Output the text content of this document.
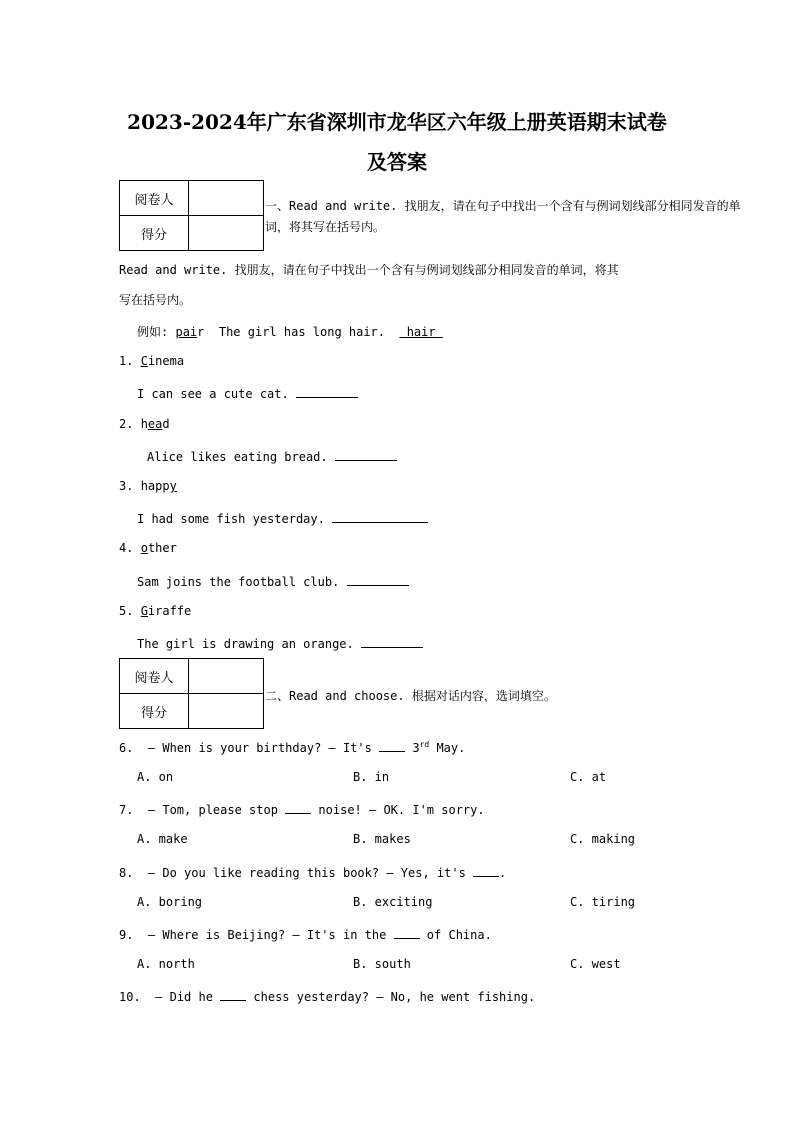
2023-2024年广东省深圳市龙华区六年级上册英语期末试卷
及答案
阅卷人	
得分	
一、Read and write. 找朋友，请在句子中找出一个含有与例词划线部分相同发音的单
词，将其写在括号内。
Read and write. 找朋友，请在句子中找出一个含有与例词划线部分相同发音的单词，将其
写在括号内。
例如: pair The girl has long hair. hair
1. Cinema
I can see a cute cat.
2. head
Alice likes eating bread.
3. happy
I had some fish yesterday.
4. other
Sam joins the football club.
5. Giraffe
The girl is drawing an orange.
阅卷人	
得分	
二、Read and choose. 根据对话内容，选词填空。
6. — When is your birthday? — It's	3rd May.
A. on	B. in	C. at
7. — Tom, please stop	noise! — OK. I'm sorry.
A. make	B. makes	C. making
8. — Do you like reading this book? — Yes, it's	.
A. boring	B. exciting	C. tiring
9. — Where is Beijing? — It's in the	of China.
A. north	B. south	C. west
10. — Did he	chess yesterday? — No, he went fishing.
